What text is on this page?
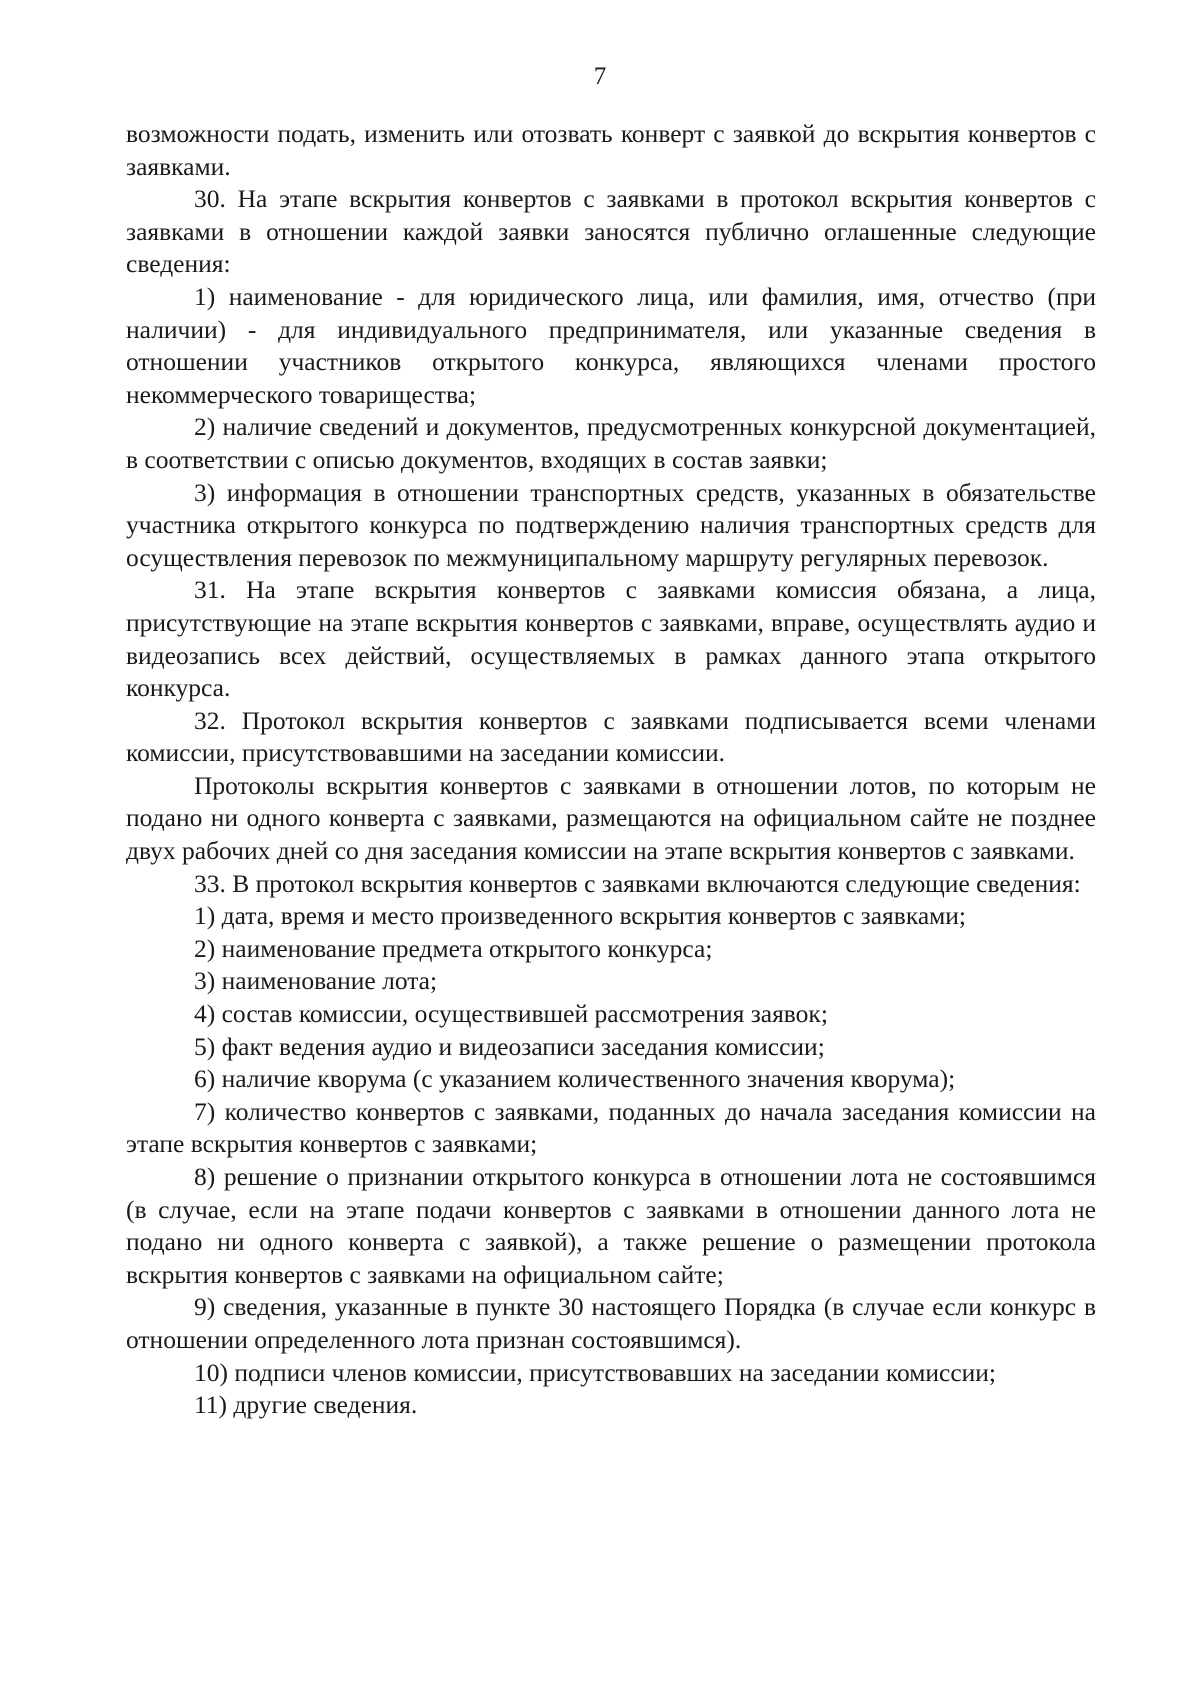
7

возможности подать, изменить или отозвать конверт с заявкой до вскрытия конвертов с заявками.

30. На этапе вскрытия конвертов с заявками в протокол вскрытия конвертов с заявками в отношении каждой заявки заносятся публично оглашенные следующие сведения:

1) наименование - для юридического лица, или фамилия, имя, отчество (при наличии) - для индивидуального предпринимателя, или указанные сведения в отношении участников открытого конкурса, являющихся членами простого некоммерческого товарищества;

2) наличие сведений и документов, предусмотренных конкурсной документацией, в соответствии с описью документов, входящих в состав заявки;

3) информация в отношении транспортных средств, указанных в обязательстве участника открытого конкурса по подтверждению наличия транспортных средств для осуществления перевозок по межмуниципальному маршруту регулярных перевозок.

31. На этапе вскрытия конвертов с заявками комиссия обязана, а лица, присутствующие на этапе вскрытия конвертов с заявками, вправе, осуществлять аудио и видеозапись всех действий, осуществляемых в рамках данного этапа открытого конкурса.

32. Протокол вскрытия конвертов с заявками подписывается всеми членами комиссии, присутствовавшими на заседании комиссии.

Протоколы вскрытия конвертов с заявками в отношении лотов, по которым не подано ни одного конверта с заявками, размещаются на официальном сайте не позднее двух рабочих дней со дня заседания комиссии на этапе вскрытия конвертов с заявками.

33. В протокол вскрытия конвертов с заявками включаются следующие сведения:

1) дата, время и место произведенного вскрытия конвертов с заявками;

2) наименование предмета открытого конкурса;

3) наименование лота;

4) состав комиссии, осуществившей рассмотрения заявок;

5) факт ведения аудио и видеозаписи заседания комиссии;

6) наличие кворума (с указанием количественного значения кворума);

7) количество конвертов с заявками, поданных до начала заседания комиссии на этапе вскрытия конвертов с заявками;

8) решение о признании открытого конкурса в отношении лота не состоявшимся (в случае, если на этапе подачи конвертов с заявками в отношении данного лота не подано ни одного конверта с заявкой), а также решение о размещении протокола вскрытия конвертов с заявками на официальном сайте;

9) сведения, указанные в пункте 30 настоящего Порядка (в случае если конкурс в отношении определенного лота признан состоявшимся).

10) подписи членов комиссии, присутствовавших на заседании комиссии;

11) другие сведения.
